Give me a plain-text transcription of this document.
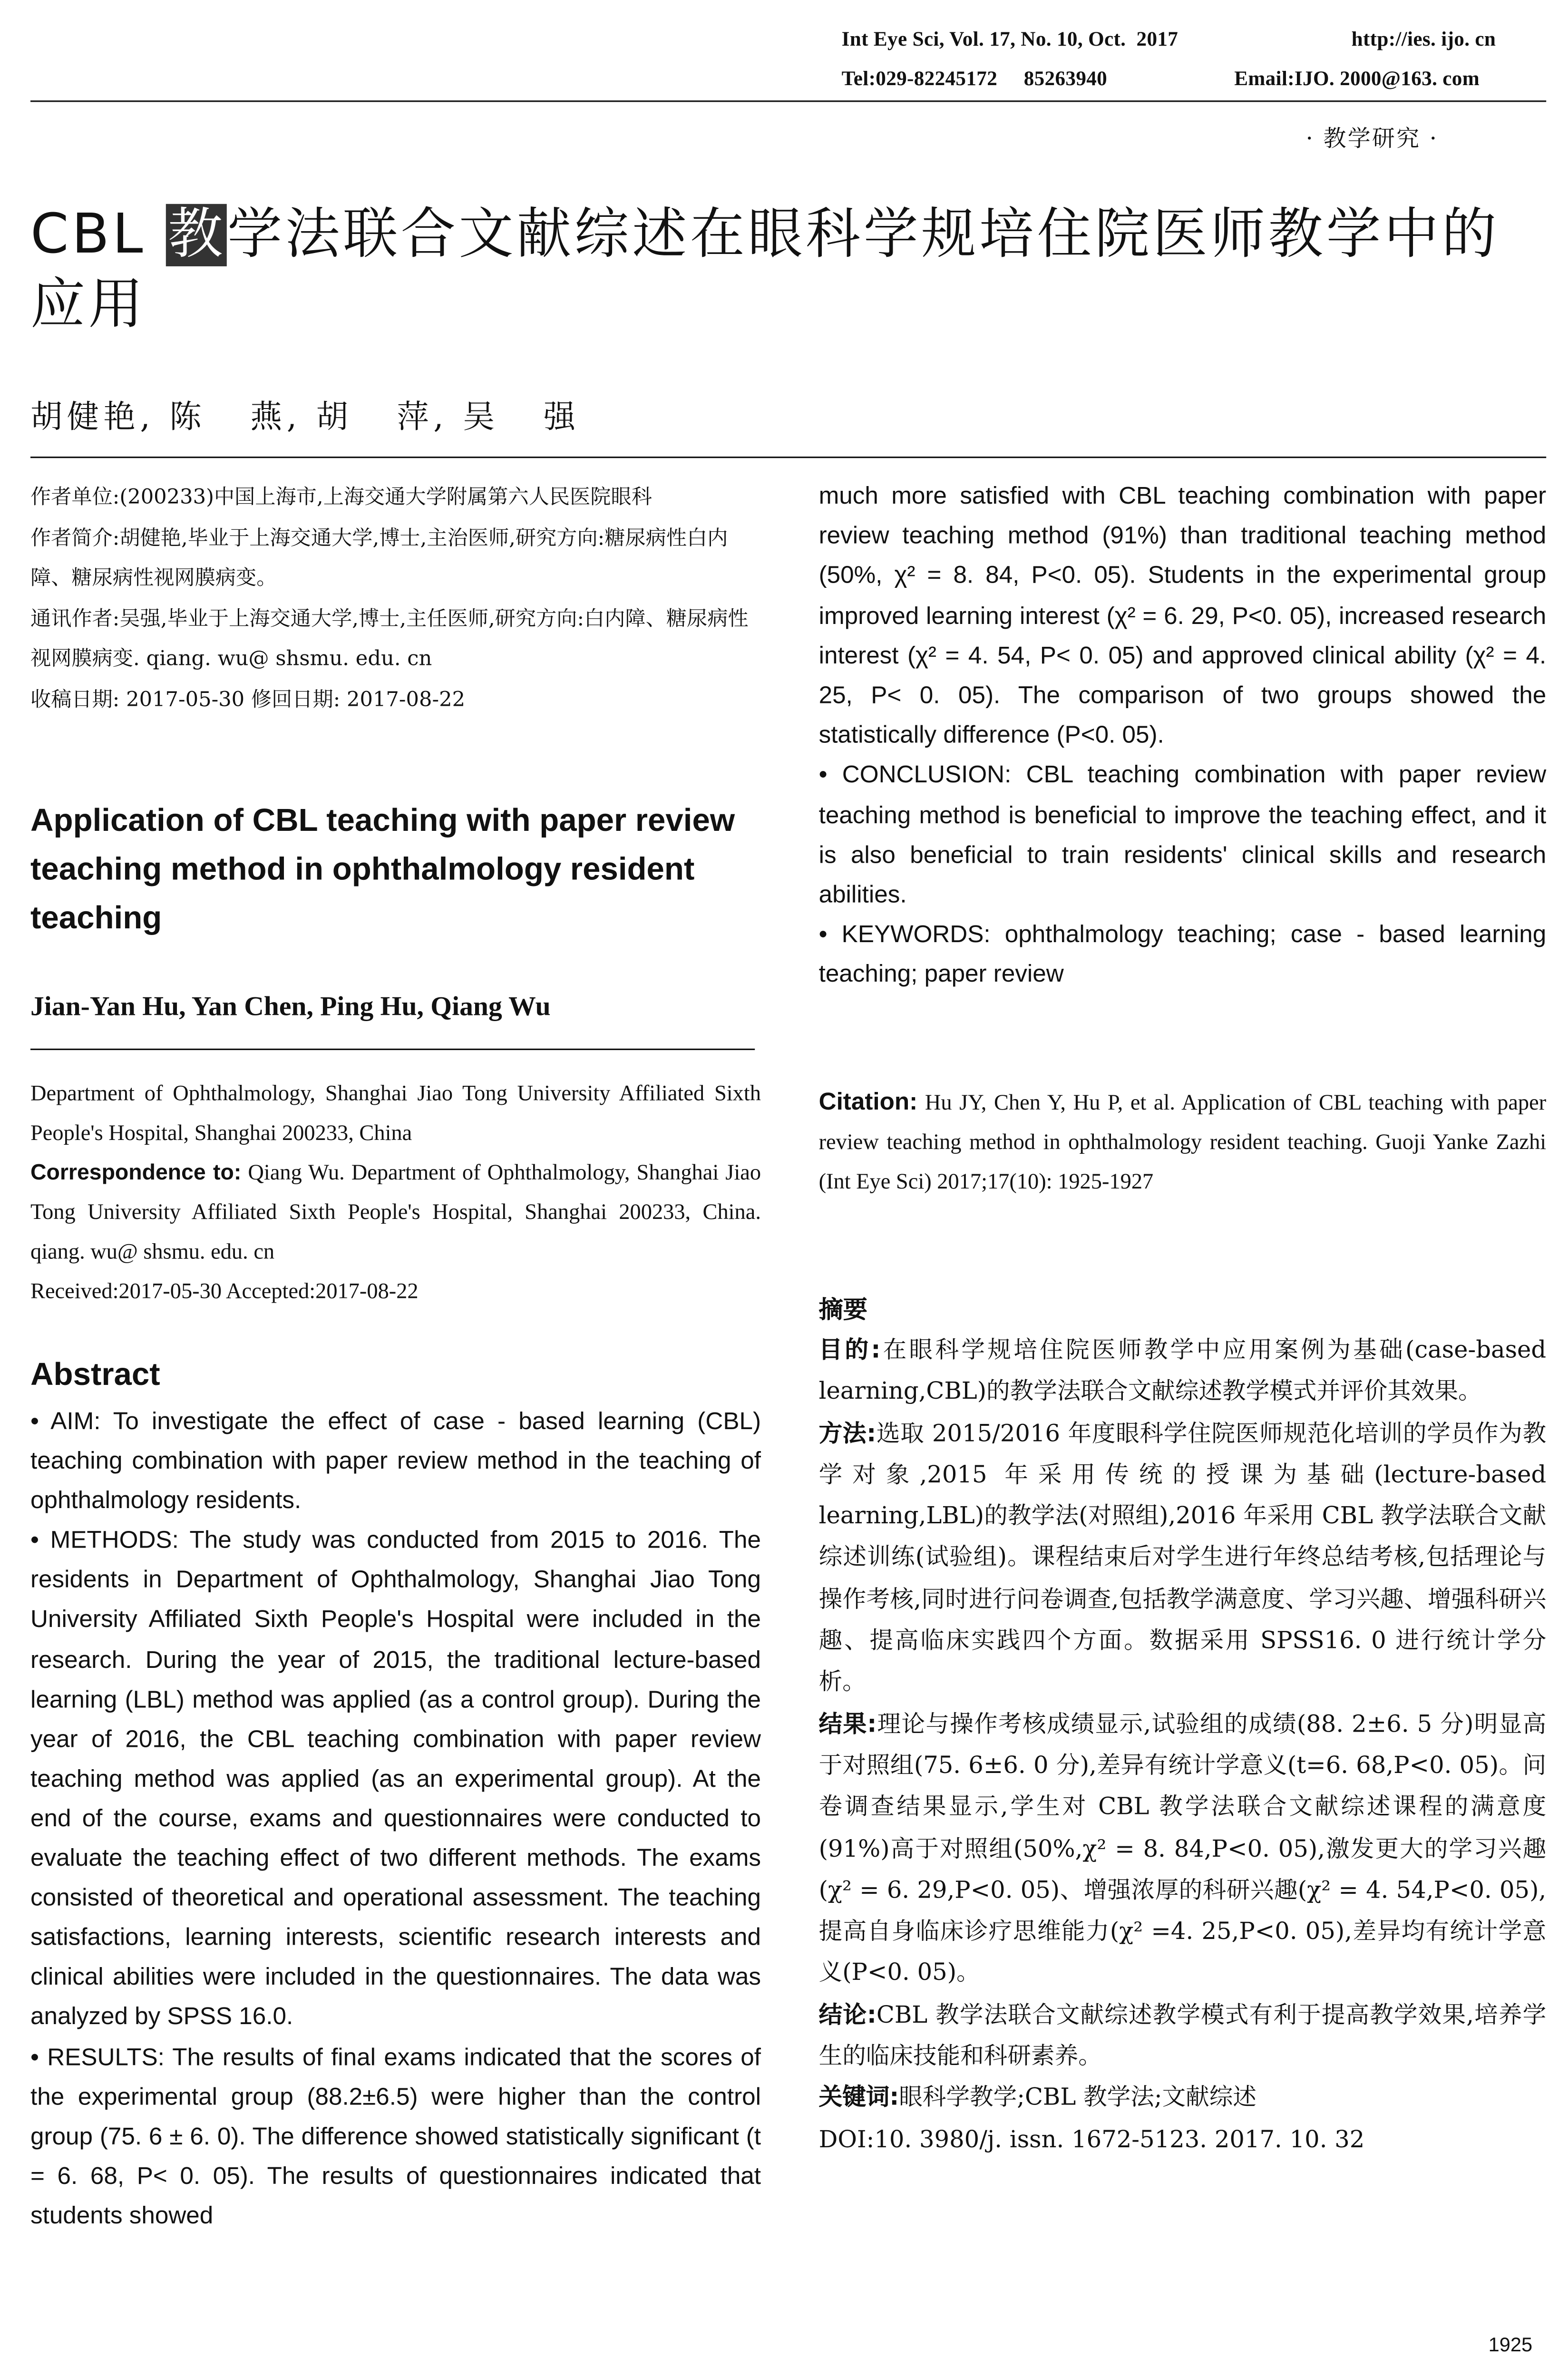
Int Eye Sci, Vol. 17, No. 10, Oct.  2017	http://ies. ijo. cn
Tel:029-82245172     85263940	Email:IJO. 2000@163. com
· 教学研究 ·
CBL 教学法联合文献综述在眼科学规培住院医师教学中的应用
胡健艳, 陈   燕, 胡   萍, 吴   强
作者单位:(200233)中国上海市,上海交通大学附属第六人民医院眼科
作者简介:胡健艳,毕业于上海交通大学,博士,主治医师,研究方向:糖尿病性白内障、糖尿病性视网膜病变。
通讯作者:吴强,毕业于上海交通大学,博士,主任医师,研究方向:白内障、糖尿病性视网膜病变. qiang. wu@ shsmu. edu. cn
收稿日期: 2017-05-30 修回日期: 2017-08-22
Application of CBL teaching with paper review teaching method in ophthalmology resident teaching
Jian-Yan Hu, Yan Chen, Ping Hu, Qiang Wu
Department of Ophthalmology, Shanghai Jiao Tong University Affiliated Sixth People's Hospital, Shanghai 200233, China
Correspondence to: Qiang Wu. Department of Ophthalmology, Shanghai Jiao Tong University Affiliated Sixth People's Hospital, Shanghai 200233, China. qiang. wu@ shsmu. edu. cn
Received:2017-05-30 Accepted:2017-08-22
Abstract

• AIM: To investigate the effect of case - based learning (CBL) teaching combination with paper review method in the teaching of ophthalmology residents.

• METHODS: The study was conducted from 2015 to 2016. The residents in Department of Ophthalmology, Shanghai Jiao Tong University Affiliated Sixth People's Hospital were included in the research. During the year of 2015, the traditional lecture-based learning (LBL) method was applied (as a control group). During the year of 2016, the CBL teaching combination with paper review teaching method was applied (as an experimental group). At the end of the course, exams and questionnaires were conducted to evaluate the teaching effect of two different methods. The exams consisted of theoretical and operational assessment. The teaching satisfactions, learning interests, scientific research interests and clinical abilities were included in the questionnaires. The data was analyzed by SPSS 16.0.

• RESULTS: The results of final exams indicated that the scores of the experimental group (88.2±6.5) were higher than the control group (75. 6 ± 6. 0). The difference showed statistically significant (t = 6. 68, P< 0. 05). The results of questionnaires indicated that students showed

much more satisfied with CBL teaching combination with paper review teaching method (91%) than traditional teaching method (50%, χ² = 8. 84, P<0. 05). Students in the experimental group improved learning interest (χ² = 6. 29, P<0. 05), increased research interest (χ² = 4. 54, P< 0. 05) and approved clinical ability (χ² = 4. 25, P< 0. 05). The comparison of two groups showed the statistically difference (P<0. 05).

• CONCLUSION: CBL teaching combination with paper review teaching method is beneficial to improve the teaching effect, and it is also beneficial to train residents' clinical skills and research abilities.

• KEYWORDS: ophthalmology teaching; case - based learning teaching; paper review

Citation: Hu JY, Chen Y, Hu P, et al. Application of CBL teaching with paper review teaching method in ophthalmology resident teaching. Guoji Yanke Zazhi (Int Eye Sci) 2017;17(10): 1925-1927
摘要

目的:在眼科学规培住院医师教学中应用案例为基础(case-based learning,CBL)的教学法联合文献综述教学模式并评价其效果。

方法:选取 2015/2016 年度眼科学住院医师规范化培训的学员作为教学对象,2015 年采用传统的授课为基础(lecture-based learning,LBL)的教学法(对照组),2016 年采用 CBL 教学法联合文献综述训练(试验组)。课程结束后对学生进行年终总结考核,包括理论与操作考核,同时进行问卷调查,包括教学满意度、学习兴趣、增强科研兴趣、提高临床实践四个方面。数据采用 SPSS16. 0 进行统计学分析。

结果:理论与操作考核成绩显示,试验组的成绩(88. 2±6. 5 分)明显高于对照组(75. 6±6. 0 分),差异有统计学意义(t=6. 68,P<0. 05)。问卷调查结果显示,学生对 CBL 教学法联合文献综述课程的满意度(91%)高于对照组(50%,χ² = 8. 84,P<0. 05),激发更大的学习兴趣(χ² = 6. 29,P<0. 05)、增强浓厚的科研兴趣(χ² = 4. 54,P<0. 05),提高自身临床诊疗思维能力(χ² =4. 25,P<0. 05),差异均有统计学意义(P<0. 05)。

结论:CBL 教学法联合文献综述教学模式有利于提高教学效果,培养学生的临床技能和科研素养。

关键词:眼科学教学;CBL 教学法;文献综述

DOI:10. 3980/j. issn. 1672-5123. 2017. 10. 32

1925
